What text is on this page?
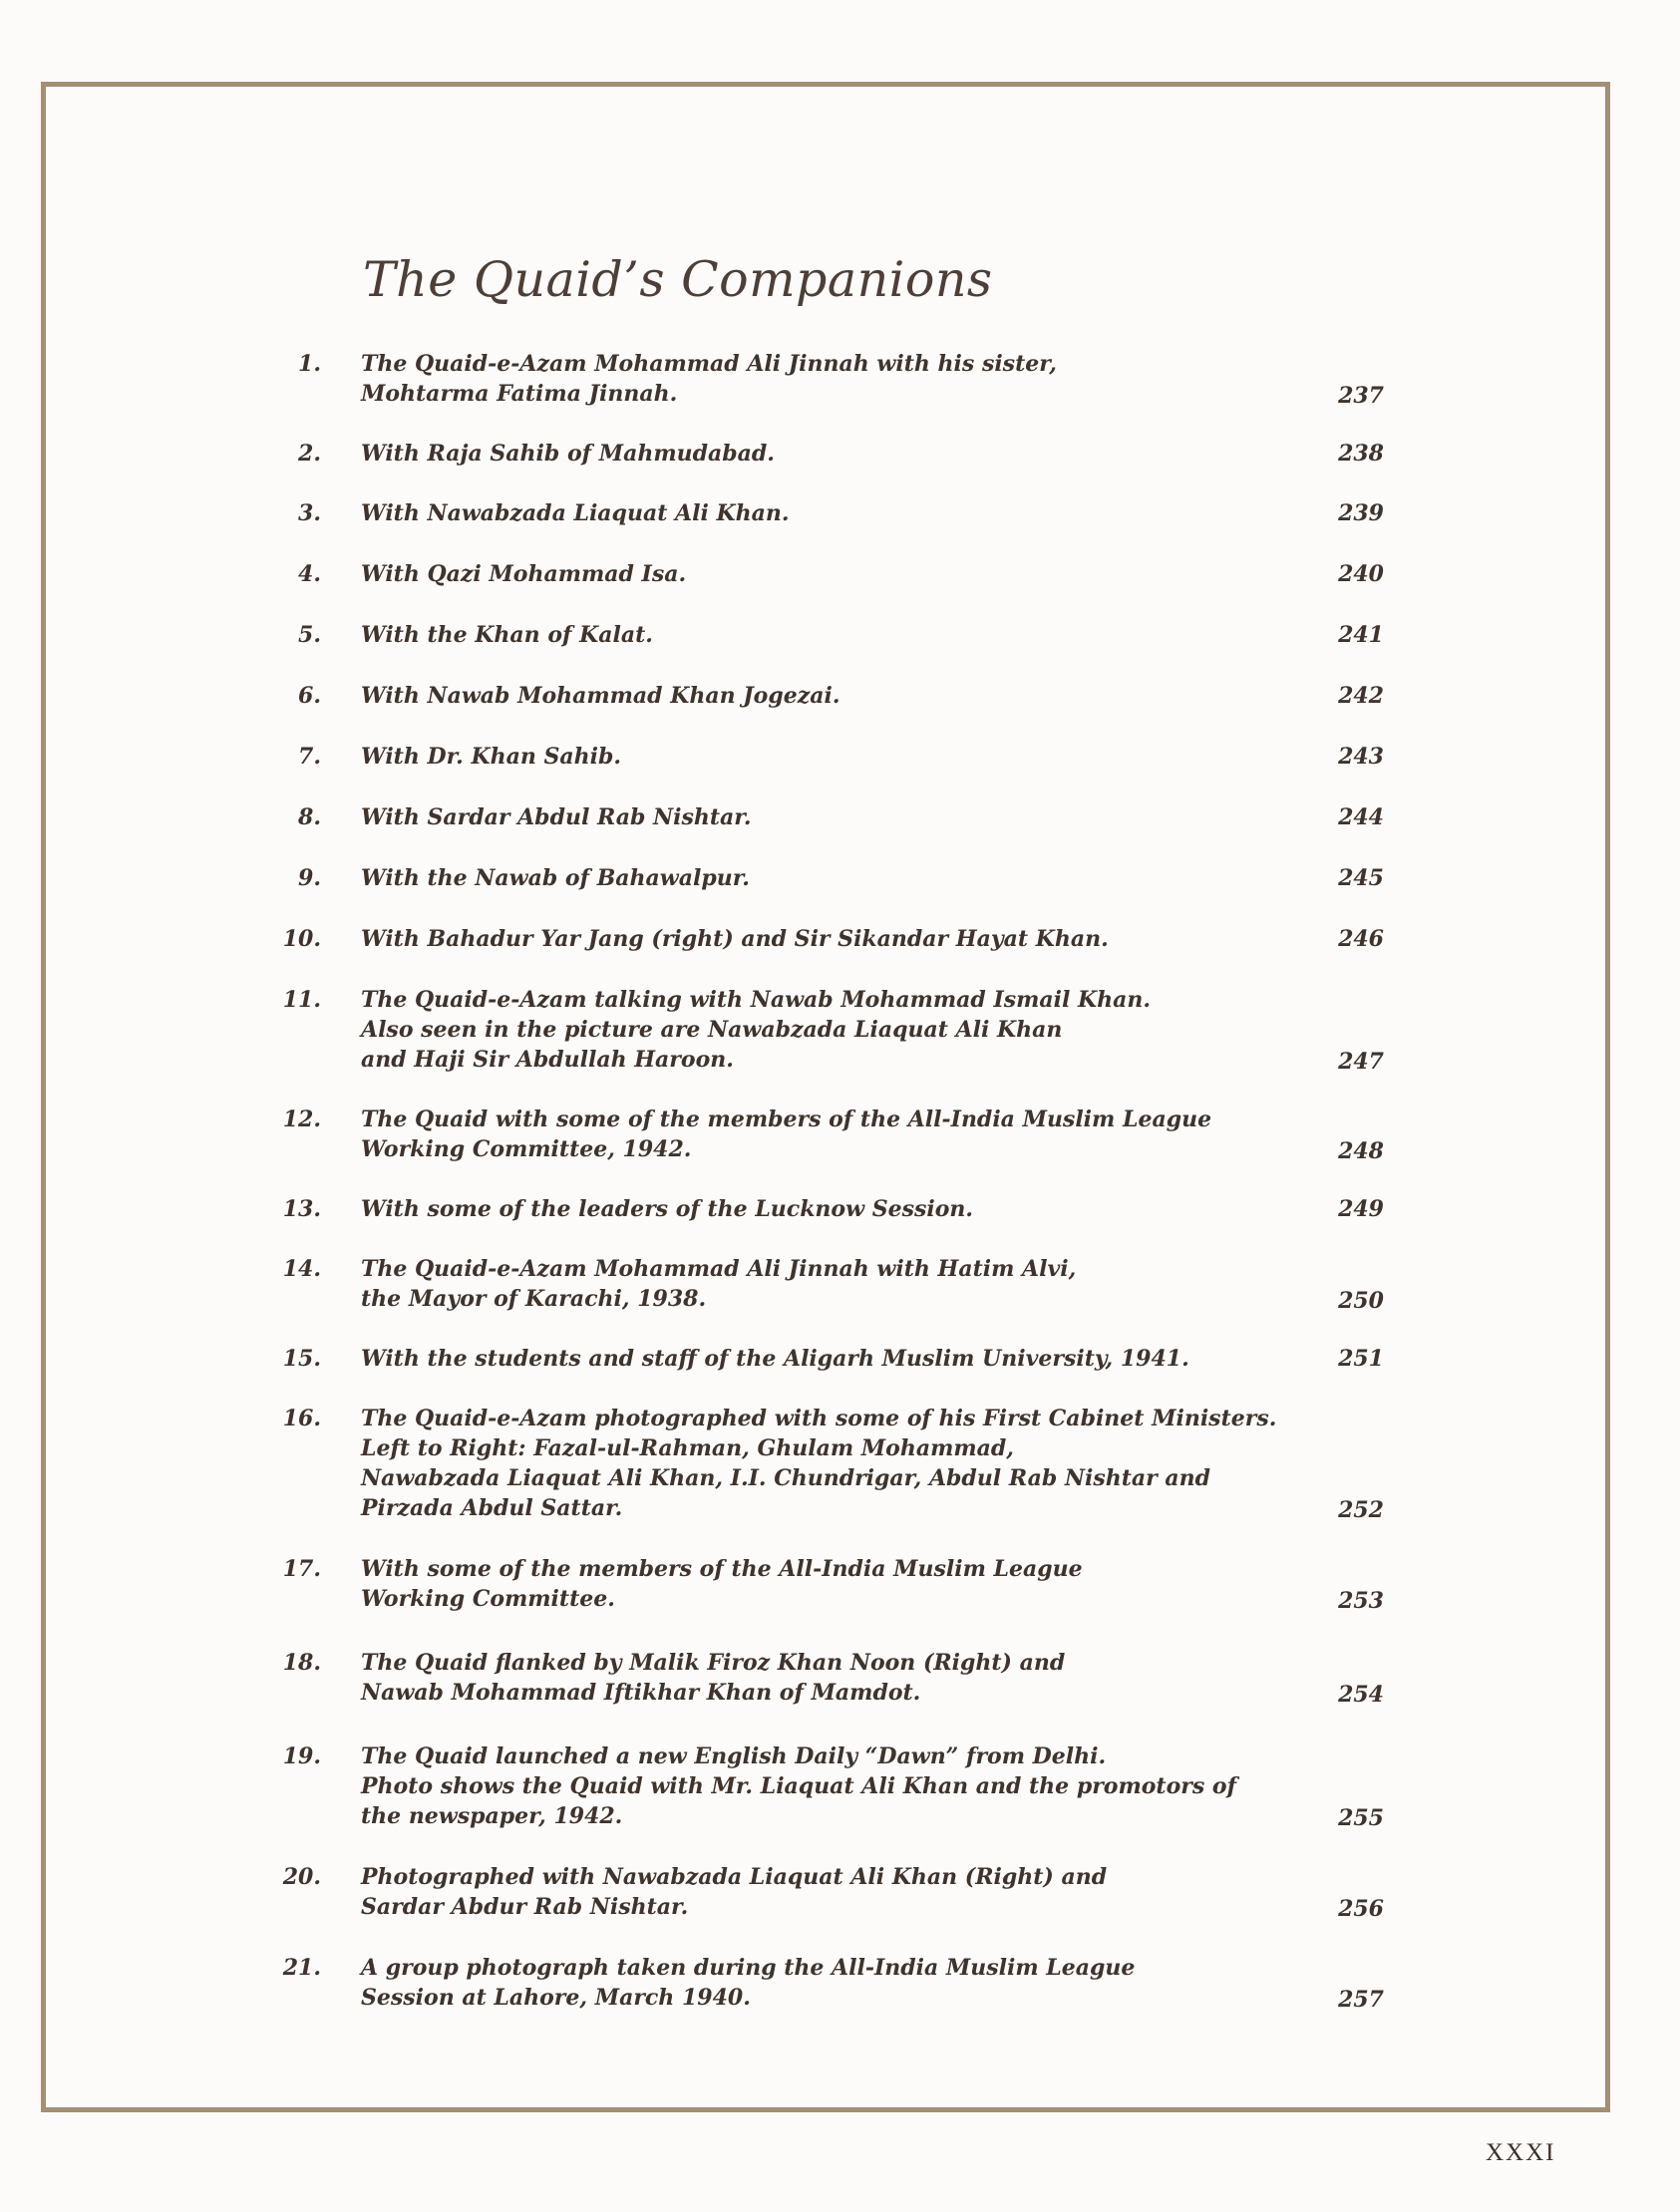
The Quaid’s Companions
1. The Quaid-e-Azam Mohammad Ali Jinnah with his sister,
Mohtarma Fatima Jinnah.	237
2. With Raja Sahib of Mahmudabad.	238
3. With Nawabzada Liaquat Ali Khan.	239
4. With Qazi Mohammad Isa.	240
5. With the Khan of Kalat.	241
6. With Nawab Mohammad Khan Jogezai.	242
7. With Dr. Khan Sahib.	243
8. With Sardar Abdul Rab Nishtar.	244
9. With the Nawab of Bahawalpur.	245
10. With Bahadur Yar Jang (right) and Sir Sikandar Hayat Khan.	246
11. The Quaid-e-Azam talking with Nawab Mohammad Ismail Khan.
Also seen in the picture are Nawabzada Liaquat Ali Khan
and Haji Sir Abdullah Haroon.	247
12. The Quaid with some of the members of the All-India Muslim League
Working Committee, 1942.	248
13. With some of the leaders of the Lucknow Session.	249
14. The Quaid-e-Azam Mohammad Ali Jinnah with Hatim Alvi,
the Mayor of Karachi, 1938.	250
15. With the students and staff of the Aligarh Muslim University, 1941.	251
16. The Quaid-e-Azam photographed with some of his First Cabinet Ministers.
Left to Right: Fazal-ul-Rahman, Ghulam Mohammad,
Nawabzada Liaquat Ali Khan, I.I. Chundrigar, Abdul Rab Nishtar and
Pirzada Abdul Sattar.	252
17. With some of the members of the All-India Muslim League
Working Committee.	253
18. The Quaid flanked by Malik Firoz Khan Noon (Right) and
Nawab Mohammad Iftikhar Khan of Mamdot.	254
19. The Quaid launched a new English Daily “Dawn” from Delhi.
Photo shows the Quaid with Mr. Liaquat Ali Khan and the promotors of
the newspaper, 1942.	255
20. Photographed with Nawabzada Liaquat Ali Khan (Right) and
Sardar Abdur Rab Nishtar.	256
21. A group photograph taken during the All-India Muslim League
Session at Lahore, March 1940.	257
XXXI
